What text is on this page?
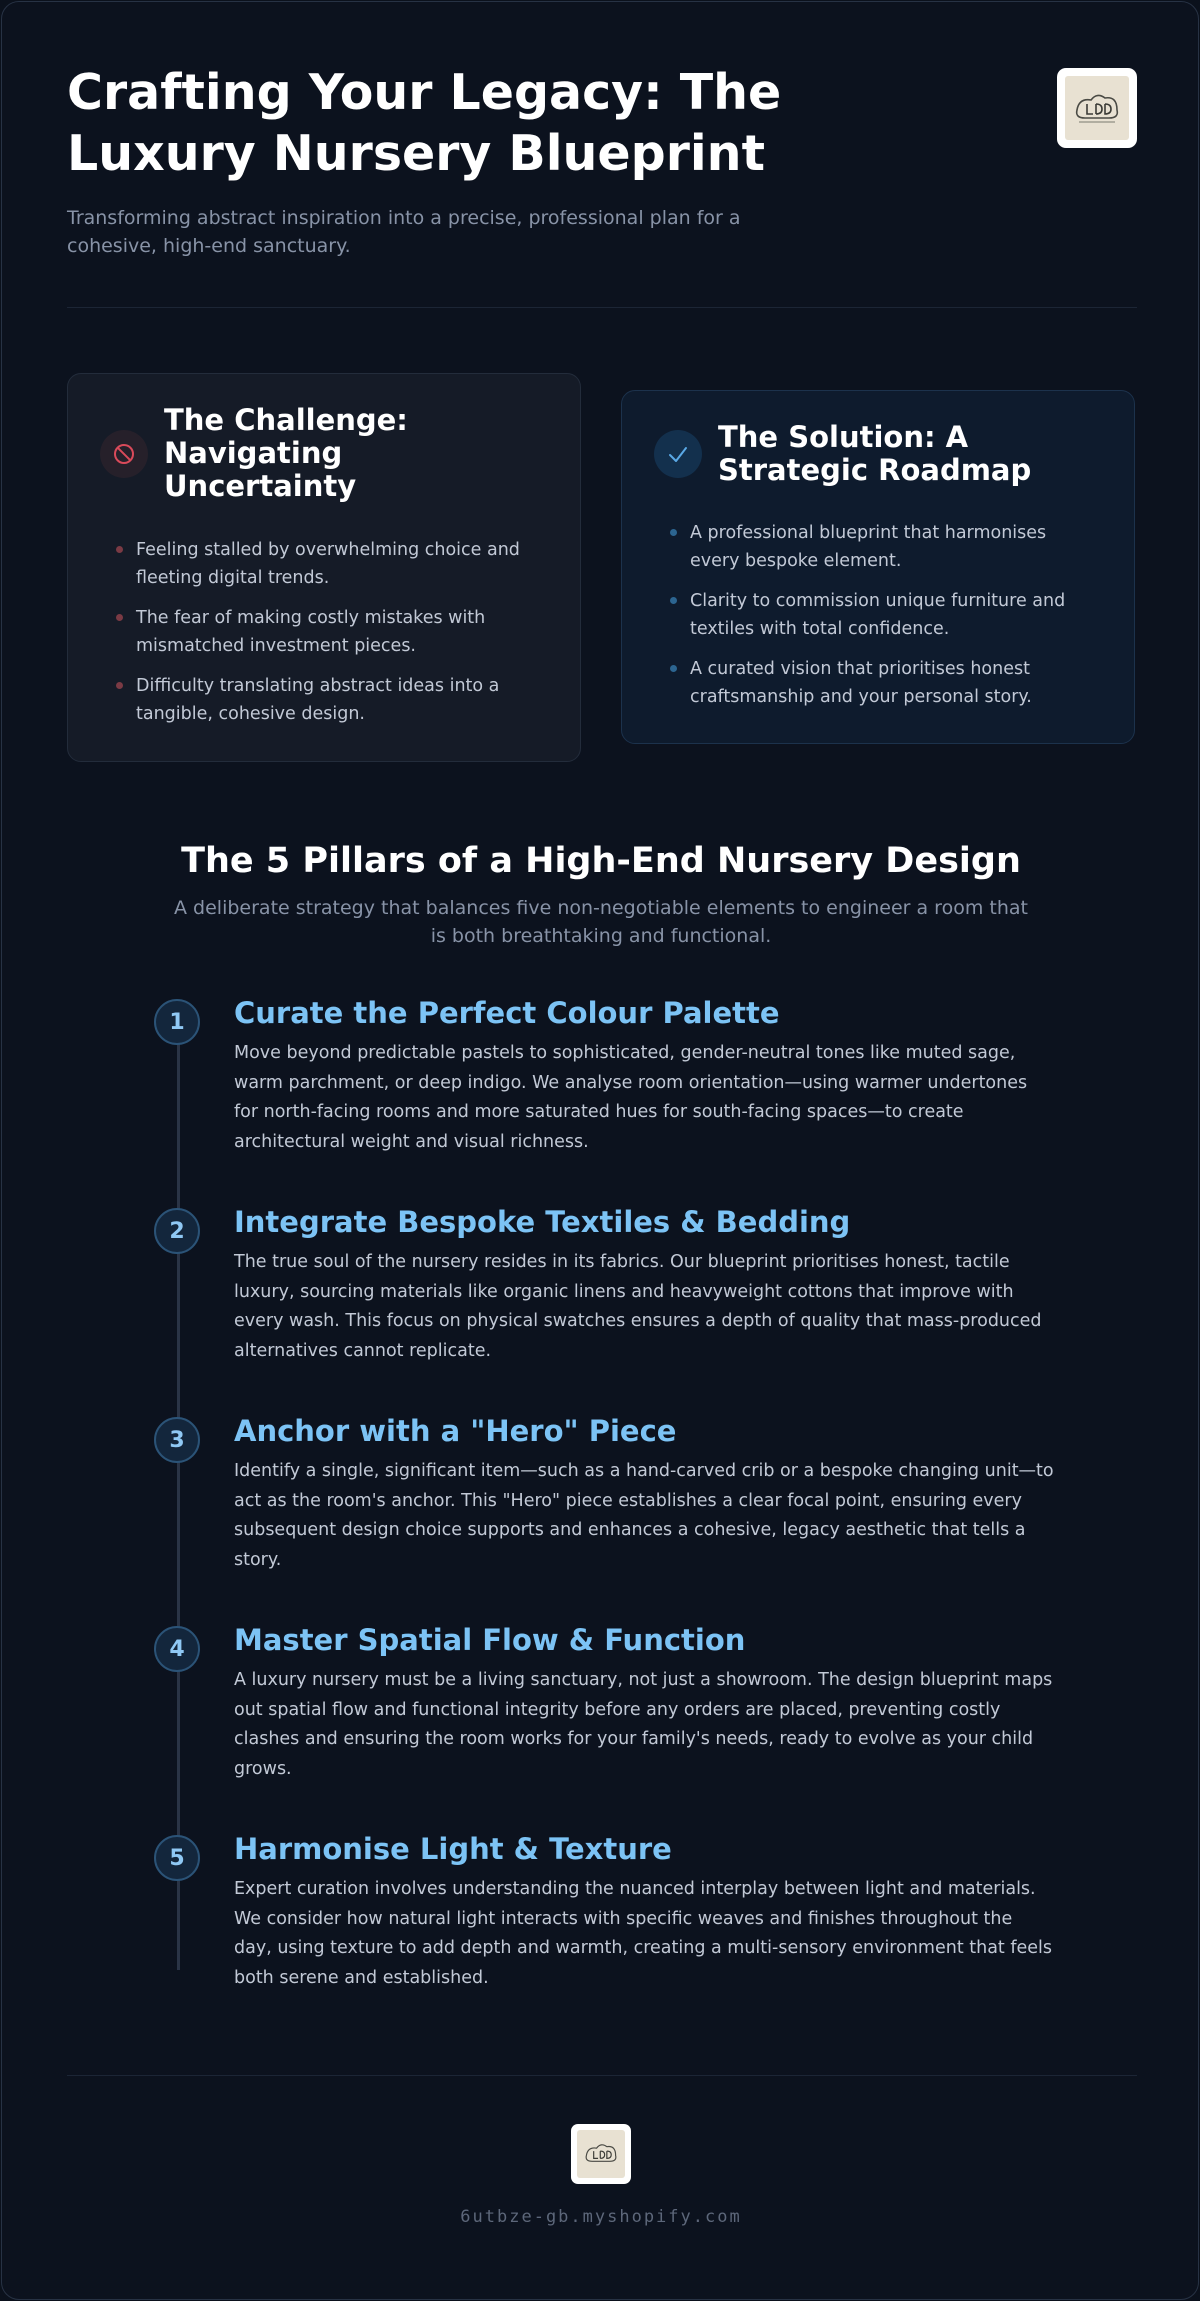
Crafting Your Legacy: The Luxury Nursery Blueprint

Transforming abstract inspiration into a precise, professional plan for a cohesive, high-end sanctuary.

The Challenge: Navigating Uncertainty
Feeling stalled by overwhelming choice and fleeting digital trends.
The fear of making costly mistakes with mismatched investment pieces.
Difficulty translating abstract ideas into a tangible, cohesive design.
The Solution: A Strategic Roadmap
A professional blueprint that harmonises every bespoke element.
Clarity to commission unique furniture and textiles with total confidence.
A curated vision that prioritises honest craftsmanship and your personal story.
The 5 Pillars of a High-End Nursery Design

A deliberate strategy that balances five non-negotiable elements to engineer a room that is both breathtaking and functional.

1	Curate the Perfect Colour Palette

Move beyond predictable pastels to sophisticated, gender-neutral tones like muted sage, warm parchment, or deep indigo. We analyse room orientation—using warmer undertones for north-facing rooms and more saturated hues for south-facing spaces—to create architectural weight and visual richness.

2	Integrate Bespoke Textiles & Bedding

The true soul of the nursery resides in its fabrics. Our blueprint prioritises honest, tactile luxury, sourcing materials like organic linens and heavyweight cottons that improve with every wash. This focus on physical swatches ensures a depth of quality that mass-produced alternatives cannot replicate.

3	Anchor with a "Hero" Piece

Identify a single, significant item—such as a hand-carved crib or a bespoke changing unit—to act as the room's anchor. This "Hero" piece establishes a clear focal point, ensuring every subsequent design choice supports and enhances a cohesive, legacy aesthetic that tells a story.

4	Master Spatial Flow & Function

A luxury nursery must be a living sanctuary, not just a showroom. The design blueprint maps out spatial flow and functional integrity before any orders are placed, preventing costly clashes and ensuring the room works for your family's needs, ready to evolve as your child grows.

5	Harmonise Light & Texture

Expert curation involves understanding the nuanced interplay between light and materials. We consider how natural light interacts with specific weaves and finishes throughout the day, using texture to add depth and warmth, creating a multi-sensory environment that feels both serene and established.

6utbze-gb.myshopify.com
